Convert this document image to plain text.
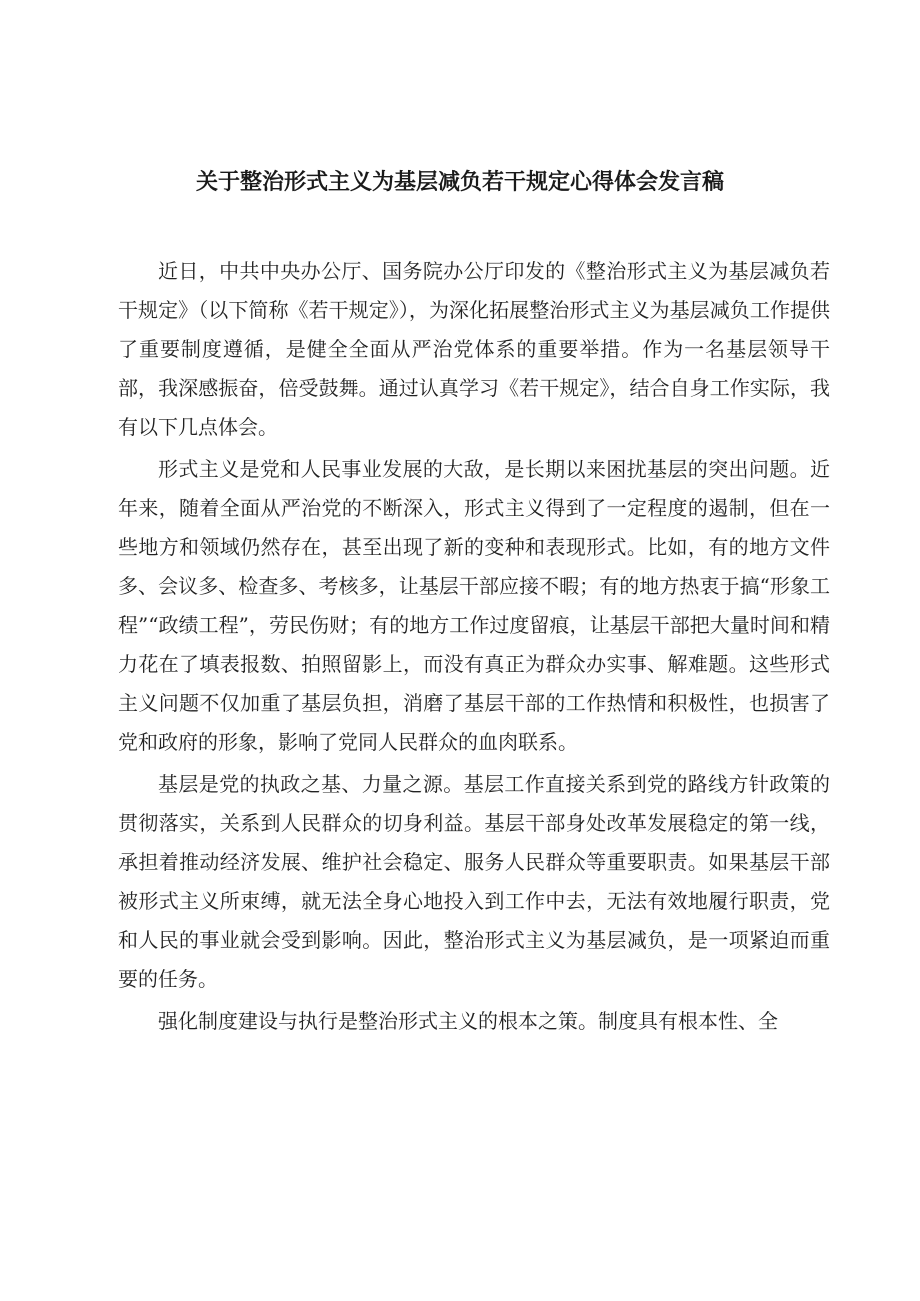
关于整治形式主义为基层减负若干规定心得体会发言稿

近日，中共中央办公厅、国务院办公厅印发的《整治形式主义为基层减负若干规定》（以下简称《若干规定》），为深化拓展整治形式主义为基层减负工作提供了重要制度遵循，是健全全面从严治党体系的重要举措。作为一名基层领导干部，我深感振奋，倍受鼓舞。通过认真学习《若干规定》，结合自身工作实际，我有以下几点体会。

形式主义是党和人民事业发展的大敌，是长期以来困扰基层的突出问题。近年来，随着全面从严治党的不断深入，形式主义得到了一定程度的遏制，但在一些地方和领域仍然存在，甚至出现了新的变种和表现形式。比如，有的地方文件多、会议多、检查多、考核多，让基层干部应接不暇；有的地方热衷于搞“形象工程”“政绩工程”，劳民伤财；有的地方工作过度留痕，让基层干部把大量时间和精力花在了填表报数、拍照留影上，而没有真正为群众办实事、解难题。这些形式主义问题不仅加重了基层负担，消磨了基层干部的工作热情和积极性，也损害了党和政府的形象，影响了党同人民群众的血肉联系。

基层是党的执政之基、力量之源。基层工作直接关系到党的路线方针政策的贯彻落实，关系到人民群众的切身利益。基层干部身处改革发展稳定的第一线，承担着推动经济发展、维护社会稳定、服务人民群众等重要职责。如果基层干部被形式主义所束缚，就无法全身心地投入到工作中去，无法有效地履行职责，党和人民的事业就会受到影响。因此，整治形式主义为基层减负，是一项紧迫而重要的任务。

强化制度建设与执行是整治形式主义的根本之策。制度具有根本性、全
